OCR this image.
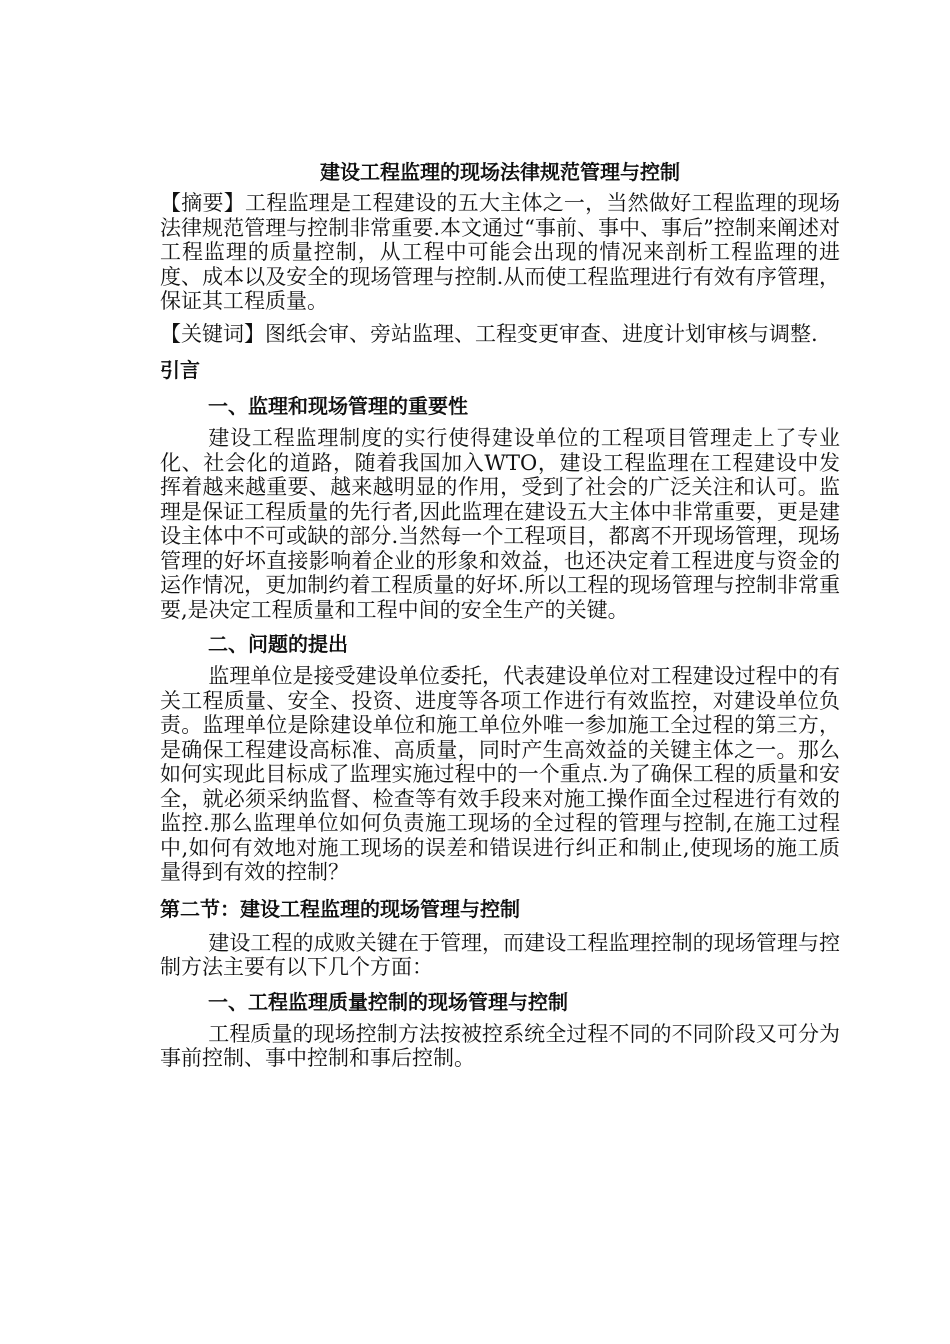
建设工程监理的现场法律规范管理与控制

【摘要】工程监理是工程建设的五大主体之一，当然做好工程监理的现场法律规范管理与控制非常重要.本文通过“事前、事中、事后”控制来阐述对工程监理的质量控制，从工程中可能会出现的情况来剖析工程监理的进度、成本以及安全的现场管理与控制.从而使工程监理进行有效有序管理，保证其工程质量。

【关键词】图纸会审、旁站监理、工程变更审查、进度计划审核与调整.

引言
一、监理和现场管理的重要性

建设工程监理制度的实行使得建设单位的工程项目管理走上了专业化、社会化的道路，随着我国加入WTO，建设工程监理在工程建设中发挥着越来越重要、越来越明显的作用，受到了社会的广泛关注和认可。监理是保证工程质量的先行者,因此监理在建设五大主体中非常重要，更是建设主体中不可或缺的部分.当然每一个工程项目，都离不开现场管理，现场管理的好坏直接影响着企业的形象和效益，也还决定着工程进度与资金的运作情况，更加制约着工程质量的好坏.所以工程的现场管理与控制非常重要,是决定工程质量和工程中间的安全生产的关键。

二、问题的提出

监理单位是接受建设单位委托，代表建设单位对工程建设过程中的有关工程质量、安全、投资、进度等各项工作进行有效监控，对建设单位负责。监理单位是除建设单位和施工单位外唯一参加施工全过程的第三方，是确保工程建设高标准、高质量，同时产生高效益的关键主体之一。那么如何实现此目标成了监理实施过程中的一个重点.为了确保工程的质量和安全，就必须采纳监督、检查等有效手段来对施工操作面全过程进行有效的监控.那么监理单位如何负责施工现场的全过程的管理与控制,在施工过程中,如何有效地对施工现场的误差和错误进行纠正和制止,使现场的施工质量得到有效的控制？

第二节：建设工程监理的现场管理与控制

建设工程的成败关键在于管理，而建设工程监理控制的现场管理与控制方法主要有以下几个方面：

一、工程监理质量控制的现场管理与控制

工程质量的现场控制方法按被控系统全过程不同的不同阶段又可分为事前控制、事中控制和事后控制。
